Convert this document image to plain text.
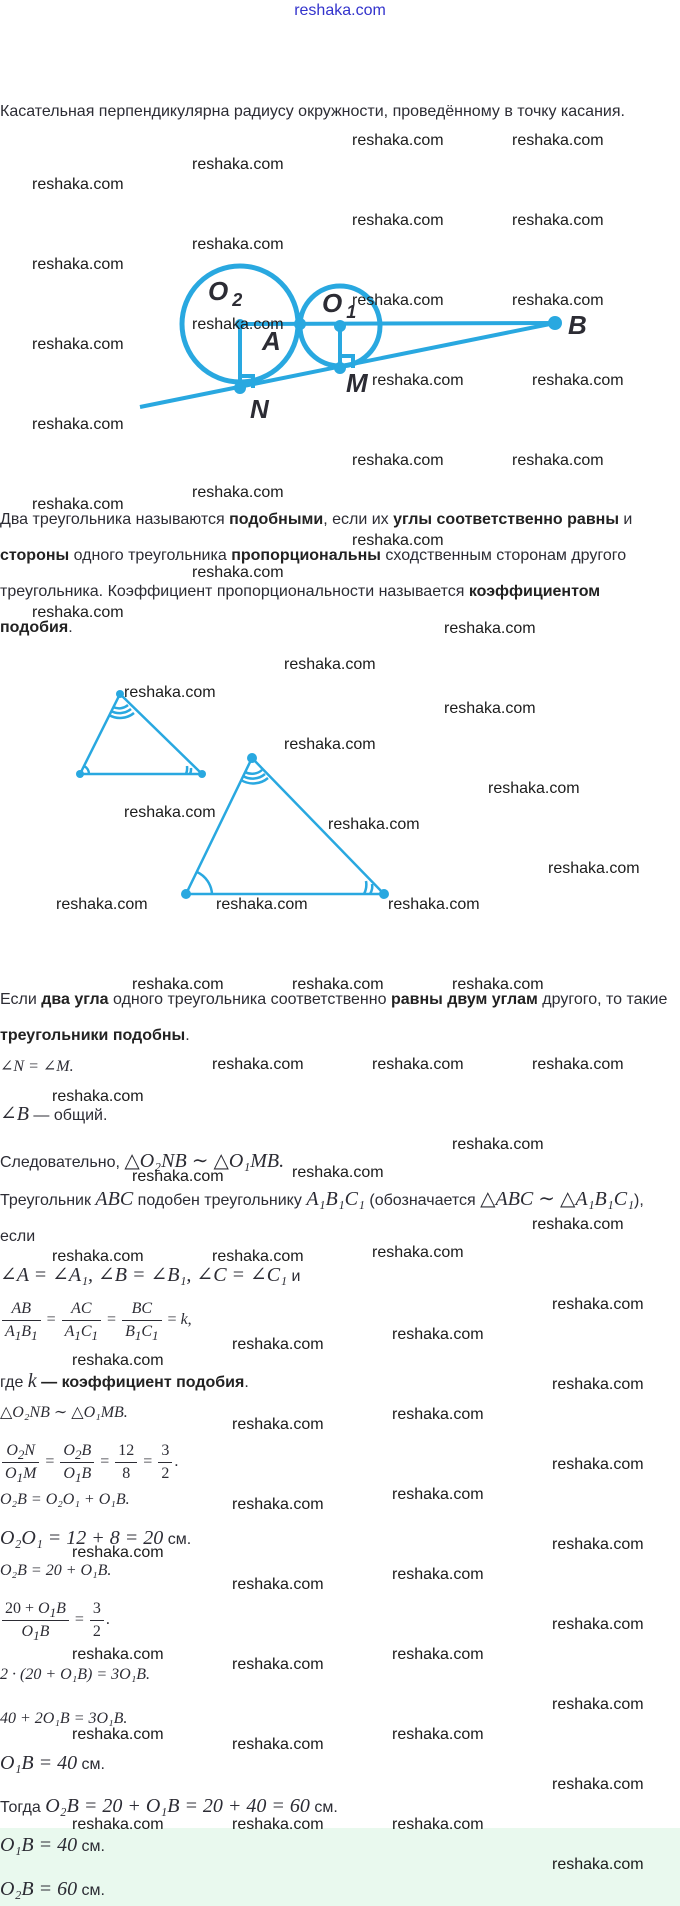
reshaka.com
Касательная перпендикулярна радиусу окружности, проведённому в точку касания.
O $_2$
A
O $_1$	B
N
M
Два треугольника называются подобными, если их углы соответственно равны и стороны одного треугольника пропорциональны сходственным сторонам другого треугольника. Коэффициент пропорциональности называется коэффициентом подобия.
Если два угла одного треугольника соответственно равны двум углам другого, то такие треугольники подобны.
∠N = ∠M.
∠B — общий.
Следовательно, △O₂NB ∼ △O₁MB.
Треугольник ABC подобен треугольнику A₁B₁C₁ (обозначается △ABC ∼ △A₁B₁C₁), если
∠A = ∠A₁, ∠B = ∠B₁, ∠C = ∠C₁ и
$\frac{AB}{A_1B_1} = \frac{AC}{A_1C_1} = \frac{BC}{B_1C_1} = k$,
где k — коэффициент подобия.
△O₂NB ∼ △O₁MB.
$\frac{O_2N}{O_1M} = \frac{O_2B}{O_1B} = \frac{12}{8} = \frac{3}{2}$ .
O₂B = O₂O₁ + O₁B.
O₂O₁ = 12 + 8 = 20 см.
O₂B = 20 + O₁B.
$\frac{20 + O_1B}{O_1B} = \frac{3}{2}$ .
2 · (20 + O₁B) = 3O₁B.
40 + 2O₁B = 3O₁B.
O₁B = 40 см.
Тогда O₂B = 20 + O₁B = 20 + 40 = 60 см.
O₁B = 40 см.
O₂B = 60 см.
reshaka.com	reshaka.com
reshaka.com
reshaka.com
reshaka.com	reshaka.com
reshaka.com
reshaka.com
reshaka.com	reshaka.com
reshaka.com
reshaka.com
reshaka.com	reshaka.com
reshaka.com
reshaka.com	reshaka.com
reshaka.com
reshaka.com
reshaka.com
reshaka.com
reshaka.com
reshaka.com
reshaka.com
reshaka.com
reshaka.com
reshaka.com
reshaka.com
reshaka.com
reshaka.com
reshaka.com
reshaka.com	reshaka.com	reshaka.com
reshaka.com	reshaka.com	reshaka.com
reshaka.com	reshaka.com	reshaka.com
reshaka.com
reshaka.com
reshaka.com	reshaka.com
reshaka.com
reshaka.com	reshaka.com	reshaka.com
reshaka.com
reshaka.com
reshaka.com
reshaka.com
reshaka.com
reshaka.com
reshaka.com
reshaka.com
reshaka.com
reshaka.com
reshaka.com
reshaka.com
reshaka.com
reshaka.com
reshaka.com
reshaka.com	reshaka.com
reshaka.com
reshaka.com
reshaka.com	reshaka.com
reshaka.com
reshaka.com
reshaka.com	reshaka.com	reshaka.com
reshaka.com
